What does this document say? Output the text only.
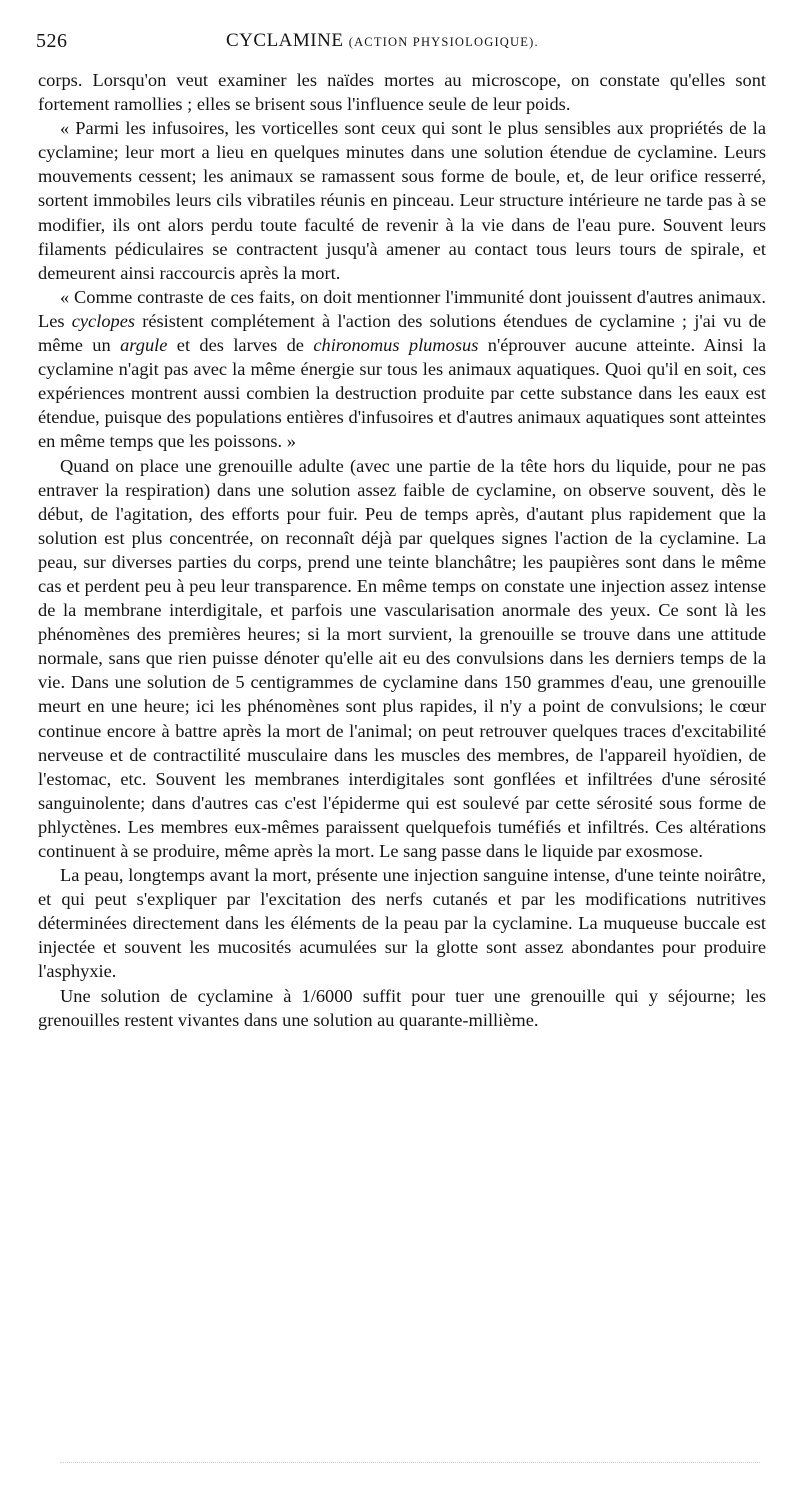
526	CYCLAMINE (ACTION PHYSIOLOGIQUE).

corps. Lorsqu'on veut examiner les naïdes mortes au microscope, on constate qu'elles sont fortement ramollies ; elles se brisent sous l'influence seule de leur poids.

« Parmi les infusoires, les vorticelles sont ceux qui sont le plus sensibles aux propriétés de la cyclamine; leur mort a lieu en quelques minutes dans une solution étendue de cyclamine. Leurs mouvements cessent; les animaux se ramassent sous forme de boule, et, de leur orifice resserré, sortent immobiles leurs cils vibratiles réunis en pinceau. Leur structure intérieure ne tarde pas à se modifier, ils ont alors perdu toute faculté de revenir à la vie dans de l'eau pure. Souvent leurs filaments pédiculaires se contractent jusqu'à amener au contact tous leurs tours de spirale, et demeurent ainsi raccourcis après la mort.

« Comme contraste de ces faits, on doit mentionner l'immunité dont jouissent d'autres animaux. Les cyclopes résistent complétement à l'action des solutions étendues de cyclamine ; j'ai vu de même un argule et des larves de chironomus plumosus n'éprouver aucune atteinte. Ainsi la cyclamine n'agit pas avec la même énergie sur tous les animaux aquatiques. Quoi qu'il en soit, ces expériences montrent aussi combien la destruction produite par cette substance dans les eaux est étendue, puisque des populations entières d'infusoires et d'autres animaux aquatiques sont atteintes en même temps que les poissons. »

Quand on place une grenouille adulte (avec une partie de la tête hors du liquide, pour ne pas entraver la respiration) dans une solution assez faible de cyclamine, on observe souvent, dès le début, de l'agitation, des efforts pour fuir. Peu de temps après, d'autant plus rapidement que la solution est plus concentrée, on reconnaît déjà par quelques signes l'action de la cyclamine. La peau, sur diverses parties du corps, prend une teinte blanchâtre; les paupières sont dans le même cas et perdent peu à peu leur transparence. En même temps on constate une injection assez intense de la membrane interdigitale, et parfois une vascularisation anormale des yeux. Ce sont là les phénomènes des premières heures; si la mort survient, la grenouille se trouve dans une attitude normale, sans que rien puisse dénoter qu'elle ait eu des convulsions dans les derniers temps de la vie. Dans une solution de 5 centigrammes de cyclamine dans 150 grammes d'eau, une grenouille meurt en une heure; ici les phénomènes sont plus rapides, il n'y a point de convulsions; le cœur continue encore à battre après la mort de l'animal; on peut retrouver quelques traces d'excitabilité nerveuse et de contractilité musculaire dans les muscles des membres, de l'appareil hyoïdien, de l'estomac, etc. Souvent les membranes interdigitales sont gonflées et infiltrées d'une sérosité sanguinolente; dans d'autres cas c'est l'épiderme qui est soulevé par cette sérosité sous forme de phlyctènes. Les membres eux-mêmes paraissent quelquefois tuméfiés et infiltrés. Ces altérations continuent à se produire, même après la mort. Le sang passe dans le liquide par exosmose.

La peau, longtemps avant la mort, présente une injection sanguine intense, d'une teinte noirâtre, et qui peut s'expliquer par l'excitation des nerfs cutanés et par les modifications nutritives déterminées directement dans les éléments de la peau par la cyclamine. La muqueuse buccale est injectée et souvent les mucosités acumulées sur la glotte sont assez abondantes pour produire l'asphyxie.

Une solution de cyclamine à 1/6000 suffit pour tuer une grenouille qui y séjourne; les grenouilles restent vivantes dans une solution au quarante-millième.
